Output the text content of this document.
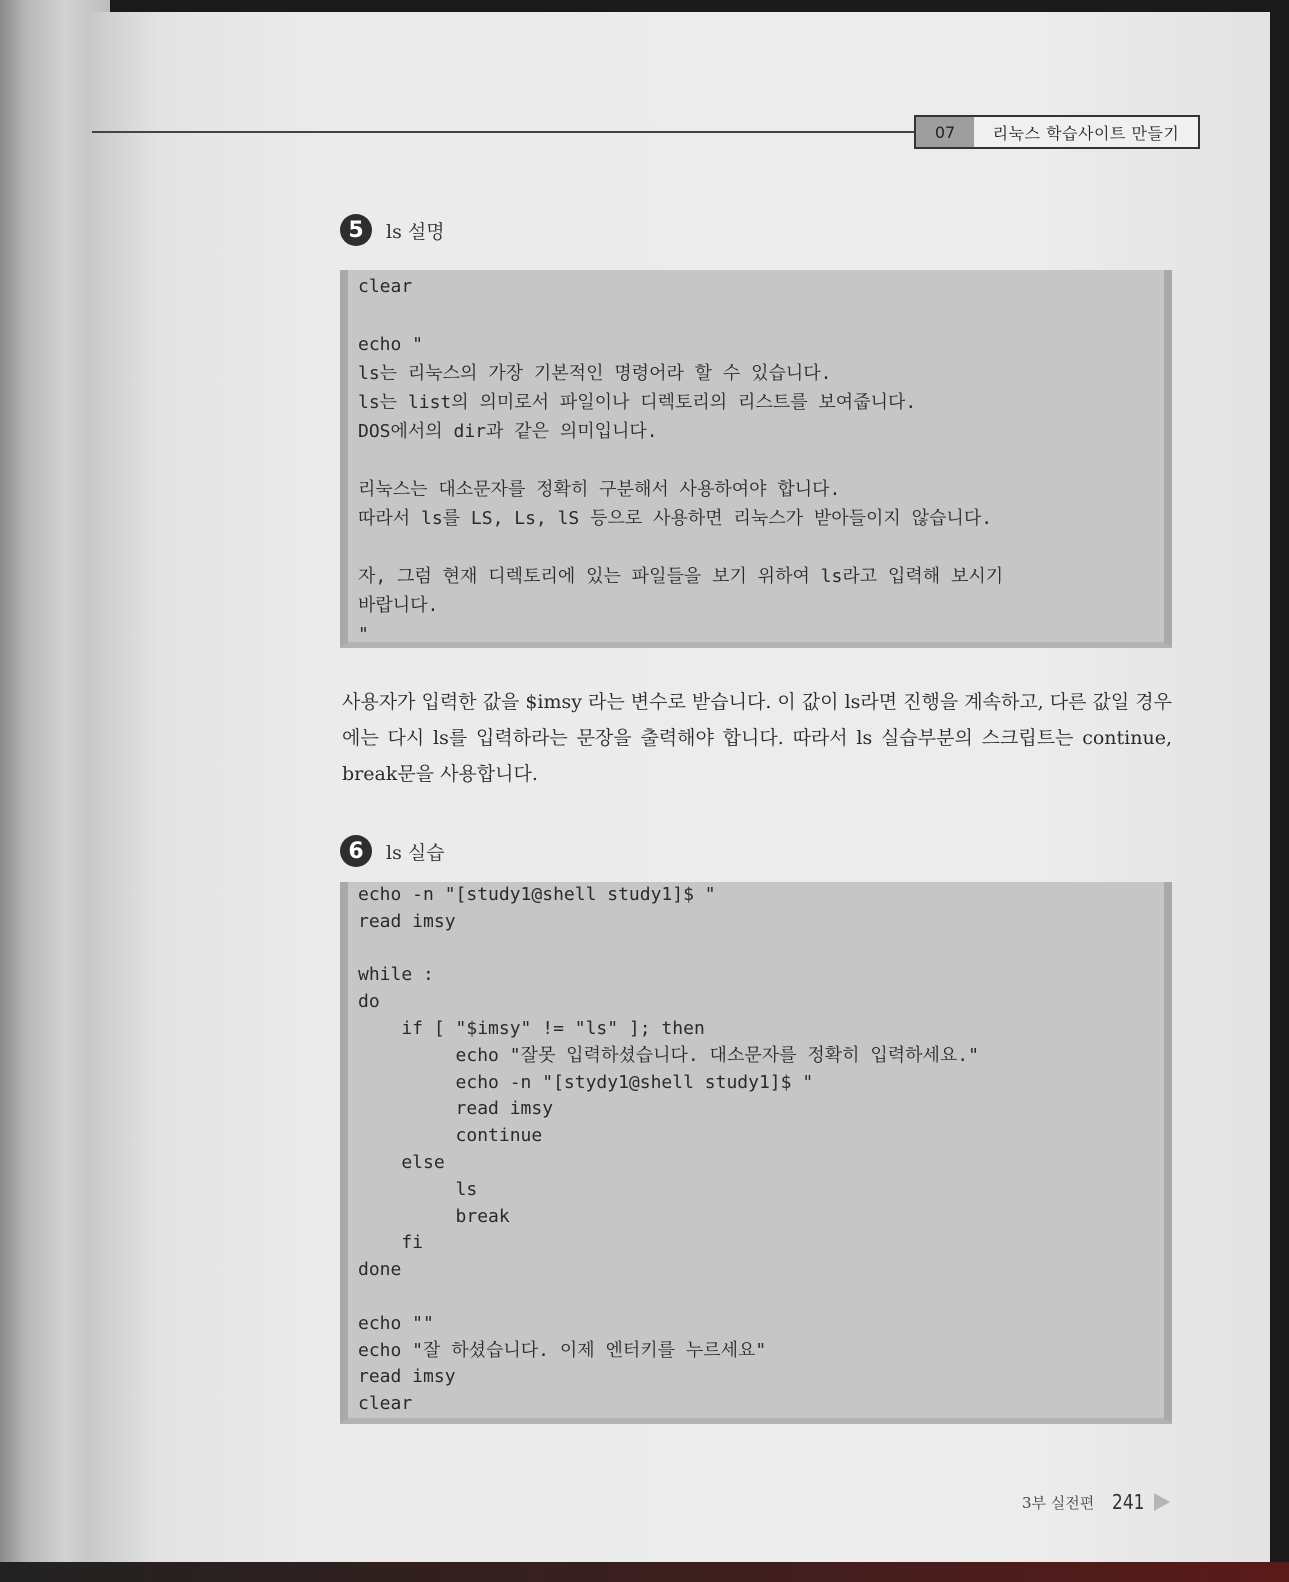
07	리눅스 학습사이트 만들기
5	ls 설명
clear

echo "
ls는 리눅스의 가장 기본적인 명령어라 할 수 있습니다.
ls는 list의 의미로서 파일이나 디렉토리의 리스트를 보여줍니다.
DOS에서의 dir과 같은 의미입니다.

리눅스는 대소문자를 정확히 구분해서 사용하여야 합니다.
따라서 ls를 LS, Ls, lS 등으로 사용하면 리눅스가 받아들이지 않습니다.

자, 그럼 현재 디렉토리에 있는 파일들을 보기 위하여 ls라고 입력해 보시기
바랍니다.
"

사용자가 입력한 값을 $imsy 라는 변수로 받습니다. 이 값이 ls라면 진행을 계속하고, 다른 값일 경우에는 다시 ls를 입력하라는 문장을 출력해야 합니다. 따라서 ls 실습부분의 스크립트는 continue, break문을 사용합니다.

6	ls 실습
echo -n "[study1@shell study1]$ "
read imsy

while :
do
if [ "$imsy" != "ls" ]; then
echo "잘못 입력하셨습니다. 대소문자를 정확히 입력하세요."
echo -n "[stydy1@shell study1]$ "
read imsy
continue
else
ls
break
fi
done

echo ""
echo "잘 하셨습니다. 이제 엔터키를 누르세요"
read imsy
clear
3부 실전편 241
